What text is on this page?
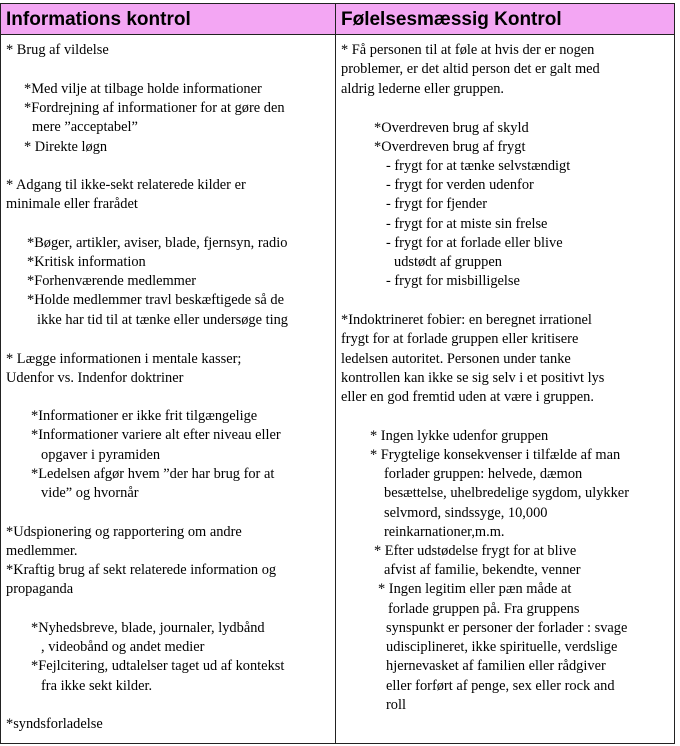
Informations kontrol	Følelsesmæssig Kontrol
* Brug af vildelse
*Med vilje at tilbage holde informationer
*Fordrejning af informationer for at gøre den
mere ”acceptabel”
* Direkte løgn
* Adgang til ikke-sekt relaterede kilder er
minimale eller frarådet
*Bøger, artikler, aviser, blade, fjernsyn, radio
*Kritisk information
*Forhenværende medlemmer
*Holde medlemmer travl beskæftigede så de
ikke har tid til at tænke eller undersøge ting
* Lægge informationen i mentale kasser;
Udenfor vs. Indenfor doktriner
*Informationer er ikke frit tilgængelige
*Informationer variere alt efter niveau eller
opgaver i pyramiden
*Ledelsen afgør hvem ”der har brug for at
vide” og hvornår
*Udspionering og rapportering om andre
medlemmer.
*Kraftig brug af sekt relaterede information og
propaganda
*Nyhedsbreve, blade, journaler, lydbånd
, videobånd og andet medier
*Fejlcitering, udtalelser taget ud af kontekst
fra ikke sekt kilder.
*syndsforladelse
* Få personen til at føle at hvis der er nogen
problemer, er det altid person det er galt med
aldrig lederne eller gruppen.
*Overdreven brug af skyld
*Overdreven brug af frygt
- frygt for at tænke selvstændigt
- frygt for verden udenfor
- frygt for fjender
- frygt for at miste sin frelse
- frygt for at forlade eller blive
udstødt af gruppen
- frygt for misbilligelse
*Indoktrineret fobier: en beregnet irrationel
frygt for at forlade gruppen eller kritisere
ledelsen autoritet. Personen under tanke
kontrollen kan ikke se sig selv i et positivt lys
eller en god fremtid uden at være i gruppen.
* Ingen lykke udenfor gruppen
* Frygtelige konsekvenser i tilfælde af man
forlader gruppen: helvede, dæmon
besættelse, uhelbredelige sygdom, ulykker
selvmord, sindssyge, 10,000
reinkarnationer,m.m.
* Efter udstødelse frygt for at blive
afvist af familie, bekendte, venner
* Ingen legitim eller pæn måde at
forlade gruppen på. Fra gruppens
synspunkt er personer der forlader : svage
udisciplineret, ikke spirituelle, verdslige
hjernevasket af familien eller rådgiver
eller forført af penge, sex eller rock and
roll
